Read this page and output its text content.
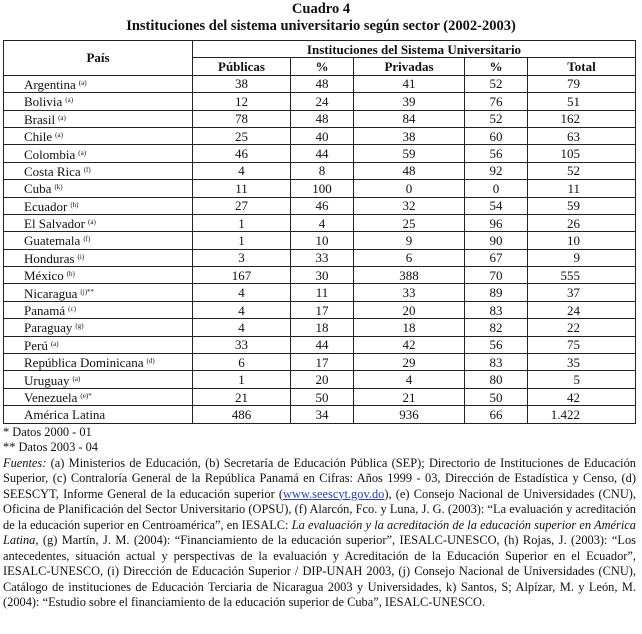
Cuadro 4
Instituciones del sistema universitario según sector (2002-2003)
País	Instituciones del Sistema Universitario				
	Públicas	%	Privadas	%	Total
Argentina $^{(a)}$	38	48	41	52	79
Bolivia $^{(a)}$	12	24	39	76	51
Brasil $^{(a)}$	78	48	84	52	162
Chile $^{(a)}$	25	40	38	60	63
Colombia $^{(a)}$	46	44	59	56	105
Costa Rica $^{(f)}$	4	8	48	92	52
Cuba $^{(k)}$	11	100	0	0	11
Ecuador $^{(h)}$	27	46	32	54	59
El Salvador $^{(a)}$	1	4	25	96	26
Guatemala $^{(f)}$	1	10	9	90	10
Honduras $^{(i)}$	3	33	6	67	9
México $^{(b)}$	167	30	388	70	555
Nicaragua $^{(j)**}$	4	11	33	89	37
Panamá $^{(c)}$	4	17	20	83	24
Paraguay $^{(g)}$	4	18	18	82	22
Perú $^{(a)}$	33	44	42	56	75
República Dominicana $^{(d)}$	6	17	29	83	35
Uruguay $^{(a)}$	1	20	4	80	5
Venezuela $^{(e)*}$	21	50	21	50	42
América Latina	486	34	936	66	1.422
* Datos 2000 - 01
** Datos 2003 - 04
Fuentes: (a) Ministerios de Educación, (b) Secretaría de Educación Pública (SEP); Directorio de Instituciones de Educación Superior, (c) Contraloría General de la República Panamá en Cifras: Años 1999 - 03, Dirección de Estadística y Censo, (d) SEESCYT, Informe General de la educación superior (www.seescyt.gov.do), (e) Consejo Nacional de Universidades (CNU), Oficina de Planificación del Sector Universitario (OPSU), (f) Alarcón, Fco. y Luna, J. G. (2003): “La evaluación y acreditación de la educación superior en Centroamérica”, en IESALC: La evaluación y la acreditación de la educación superior en América Latina, (g) Martín, J. M. (2004): “Financiamiento de la educación superior”, IESALC-UNESCO, (h) Rojas, J. (2003): “Los antecedentes, situación actual y perspectivas de la evaluación y Acreditación de la Educación Superior en el Ecuador”, IESALC-UNESCO, (i) Dirección de Educación Superior / DIP-UNAH 2003, (j) Consejo Nacional de Universidades (CNU), Catálogo de instituciones de Educación Terciaria de Nicaragua 2003 y Universidades, k) Santos, S; Alpízar, M. y León, M. (2004): “Estudio sobre el financiamiento de la educación superior de Cuba”, IESALC-UNESCO.
